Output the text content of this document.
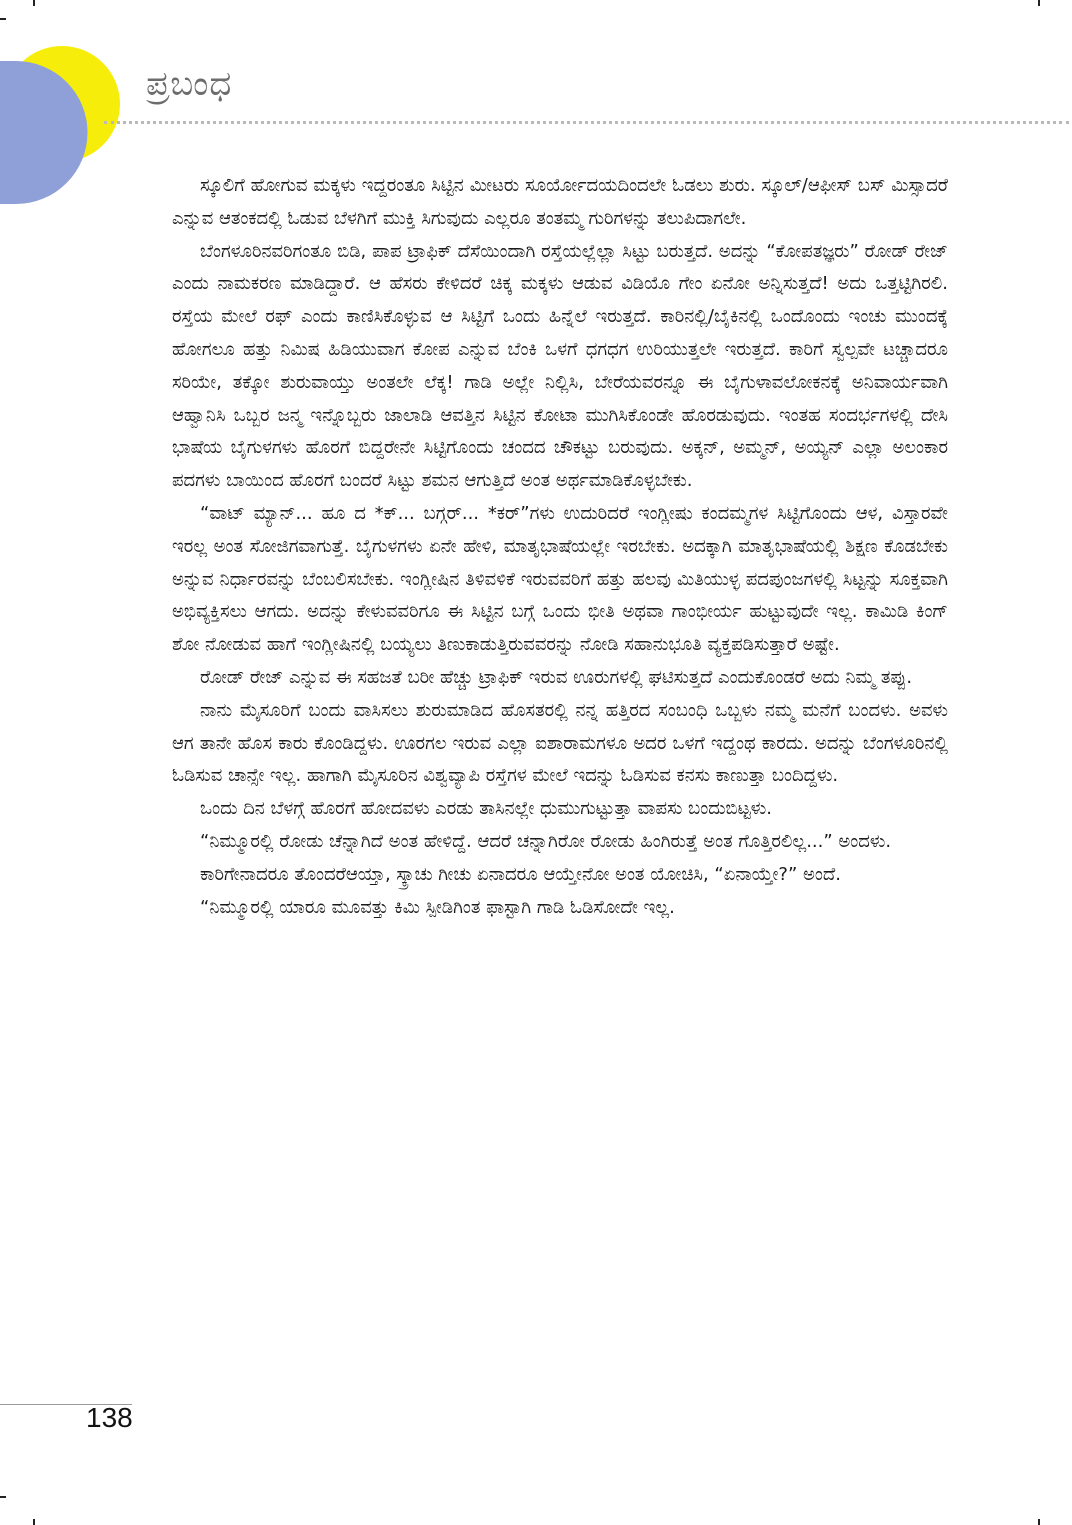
ಪ್ರಬಂಧ

ಸ್ಕೂಲಿಗೆ ಹೋಗುವ ಮಕ್ಕಳು ಇದ್ದರಂತೂ ಸಿಟ್ಟಿನ ಮೀಟರು ಸೂರ್ಯೋದಯದಿಂದಲೇ ಓಡಲು ಶುರು. ಸ್ಕೂಲ್/ಆಫೀಸ್ ಬಸ್ ಮಿಸ್ಸಾದರೆ ಎನ್ನುವ ಆತಂಕದಲ್ಲಿ ಓಡುವ ಬೆಳಗಿಗೆ ಮುಕ್ತಿ ಸಿಗುವುದು ಎಲ್ಲರೂ ತಂತಮ್ಮ ಗುರಿಗಳನ್ನು ತಲುಪಿದಾಗಲೇ.

ಬೆಂಗಳೂರಿನವರಿಗಂತೂ ಬಿಡಿ, ಪಾಪ ಟ್ರಾಫಿಕ್ ದೆಸೆಯಿಂದಾಗಿ ರಸ್ತೆಯಲ್ಲೆಲ್ಲಾ ಸಿಟ್ಟು ಬರುತ್ತದೆ. ಅದನ್ನು “ಕೋಪತಜ್ಞರು” ರೋಡ್ ರೇಜ್ ಎಂದು ನಾಮಕರಣ ಮಾಡಿದ್ದಾರೆ. ಆ ಹೆಸರು ಕೇಳಿದರೆ ಚಿಕ್ಕ ಮಕ್ಕಳು ಆಡುವ ವಿಡಿಯೊ ಗೇಂ ಏನೋ ಅನ್ನಿಸುತ್ತದೆ! ಅದು ಒತ್ತಟ್ಟಿಗಿರಲಿ. ರಸ್ತೆಯ ಮೇಲೆ ರಫ್ ಎಂದು ಕಾಣಿಸಿಕೊಳ್ಳುವ ಆ ಸಿಟ್ಟಿಗೆ ಒಂದು ಹಿನ್ನೆಲೆ ಇರುತ್ತದೆ. ಕಾರಿನಲ್ಲಿ/ಬೈಕಿನಲ್ಲಿ ಒಂದೊಂದು ಇಂಚು ಮುಂದಕ್ಕೆ ಹೋಗಲೂ ಹತ್ತು ನಿಮಿಷ ಹಿಡಿಯುವಾಗ ಕೋಪ ಎನ್ನುವ ಬೆಂಕಿ ಒಳಗೆ ಧಗಧಗ ಉರಿಯುತ್ತಲೇ ಇರುತ್ತದೆ. ಕಾರಿಗೆ ಸ್ವಲ್ಪವೇ ಟಚ್ಚಾದರೂ ಸರಿಯೇ, ತಕ್ಕೋ ಶುರುವಾಯ್ತು ಅಂತಲೇ ಲೆಕ್ಕ! ಗಾಡಿ ಅಲ್ಲೇ ನಿಲ್ಲಿಸಿ, ಬೇರೆಯವರನ್ನೂ ಈ ಬೈಗುಳಾವಲೋಕನಕ್ಕೆ ಅನಿವಾರ್ಯವಾಗಿ ಆಹ್ವಾನಿಸಿ ಒಬ್ಬರ ಜನ್ಮ ಇನ್ನೊಬ್ಬರು ಜಾಲಾಡಿ ಆವತ್ತಿನ ಸಿಟ್ಟಿನ ಕೋಟಾ ಮುಗಿಸಿಕೊಂಡೇ ಹೊರಡುವುದು. ಇಂತಹ ಸಂದರ್ಭಗಳಲ್ಲಿ ದೇಸಿ ಭಾಷೆಯ ಬೈಗುಳಗಳು ಹೊರಗೆ ಬಿದ್ದರೇನೇ ಸಿಟ್ಟಿಗೊಂದು ಚಂದದ ಚೌಕಟ್ಟು ಬರುವುದು. ಅಕ್ಕನ್, ಅಮ್ಮನ್, ಅಯ್ಯನ್ ಎಲ್ಲಾ ಅಲಂಕಾರ ಪದಗಳು ಬಾಯಿಂದ ಹೊರಗೆ ಬಂದರೆ ಸಿಟ್ಟು ಶಮನ ಆಗುತ್ತಿದೆ ಅಂತ ಅರ್ಥಮಾಡಿಕೊಳ್ಳಬೇಕು.

“ವಾಟ್ ಮ್ಯಾನ್... ಹೂ ದ *ಕ್... ಬಗ್ಗರ್... *ಕರ್”ಗಳು ಉದುರಿದರೆ ಇಂಗ್ಲೀಷು ಕಂದಮ್ಮಗಳ ಸಿಟ್ಟಿಗೊಂದು ಆಳ, ವಿಸ್ತಾರವೇ ಇರಲ್ಲ ಅಂತ ಸೋಜಿಗವಾಗುತ್ತೆ. ಬೈಗುಳಗಳು ಏನೇ ಹೇಳಿ, ಮಾತೃಭಾಷೆಯಲ್ಲೇ ಇರಬೇಕು. ಅದಕ್ಕಾಗಿ ಮಾತೃಭಾಷೆಯಲ್ಲಿ ಶಿಕ್ಷಣ ಕೊಡಬೇಕು ಅನ್ನುವ ನಿರ್ಧಾರವನ್ನು ಬೆಂಬಲಿಸಬೇಕು. ಇಂಗ್ಲೀಷಿನ ತಿಳಿವಳಿಕೆ ಇರುವವರಿಗೆ ಹತ್ತು ಹಲವು ಮಿತಿಯುಳ್ಳ ಪದಪುಂಜಗಳಲ್ಲಿ ಸಿಟ್ಟನ್ನು ಸೂಕ್ತವಾಗಿ ಅಭಿವ್ಯಕ್ತಿಸಲು ಆಗದು. ಅದನ್ನು ಕೇಳುವವರಿಗೂ ಈ ಸಿಟ್ಟಿನ ಬಗ್ಗೆ ಒಂದು ಭೀತಿ ಅಥವಾ ಗಾಂಭೀರ್ಯ ಹುಟ್ಟುವುದೇ ಇಲ್ಲ. ಕಾಮಿಡಿ ಕಿಂಗ್ ಶೋ ನೋಡುವ ಹಾಗೆ ಇಂಗ್ಲೀಷಿನಲ್ಲಿ ಬಯ್ಯಲು ತಿಣುಕಾಡುತ್ತಿರುವವರನ್ನು ನೋಡಿ ಸಹಾನುಭೂತಿ ವ್ಯಕ್ತಪಡಿಸುತ್ತಾರೆ ಅಷ್ಟೇ.

ರೋಡ್ ರೇಜ್ ಎನ್ನುವ ಈ ಸಹಜತೆ ಬರೀ ಹೆಚ್ಚು ಟ್ರಾಫಿಕ್ ಇರುವ ಊರುಗಳಲ್ಲಿ ಘಟಿಸುತ್ತದೆ ಎಂದುಕೊಂಡರೆ ಅದು ನಿಮ್ಮ ತಪ್ಪು.

ನಾನು ಮೈಸೂರಿಗೆ ಬಂದು ವಾಸಿಸಲು ಶುರುಮಾಡಿದ ಹೊಸತರಲ್ಲಿ ನನ್ನ ಹತ್ತಿರದ ಸಂಬಂಧಿ ಒಬ್ಬಳು ನಮ್ಮ ಮನೆಗೆ ಬಂದಳು. ಅವಳು ಆಗ ತಾನೇ ಹೊಸ ಕಾರು ಕೊಂಡಿದ್ದಳು. ಊರಗಲ ಇರುವ ಎಲ್ಲಾ ಐಶಾರಾಮಗಳೂ ಅದರ ಒಳಗೆ ಇದ್ದಂಥ ಕಾರದು. ಅದನ್ನು ಬೆಂಗಳೂರಿನಲ್ಲಿ ಓಡಿಸುವ ಚಾನ್ಸೇ ಇಲ್ಲ. ಹಾಗಾಗಿ ಮೈಸೂರಿನ ವಿಶ್ವವ್ಯಾಪಿ ರಸ್ತೆಗಳ ಮೇಲೆ ಇದನ್ನು ಓಡಿಸುವ ಕನಸು ಕಾಣುತ್ತಾ ಬಂದಿದ್ದಳು.

ಒಂದು ದಿನ ಬೆಳಗ್ಗೆ ಹೊರಗೆ ಹೋದವಳು ಎರಡು ತಾಸಿನಲ್ಲೇ ಧುಮುಗುಟ್ಟುತ್ತಾ ವಾಪಸು ಬಂದುಬಿಟ್ಟಳು.

“ನಿಮ್ಮೂರಲ್ಲಿ ರೋಡು ಚೆನ್ನಾಗಿದೆ ಅಂತ ಹೇಳಿದ್ದೆ. ಆದರೆ ಚನ್ನಾಗಿರೋ ರೋಡು ಹಿಂಗಿರುತ್ತೆ ಅಂತ ಗೊತ್ತಿರಲಿಲ್ಲ...” ಅಂದಳು.

ಕಾರಿಗೇನಾದರೂ ತೊಂದರೆಆಯ್ತಾ, ಸ್ಕ್ರಾಚು ಗೀಚು ಏನಾದರೂ ಆಯ್ತೇನೋ ಅಂತ ಯೋಚಿಸಿ, “ಏನಾಯ್ತೇ?” ಅಂದೆ.

“ನಿಮ್ಮೂರಲ್ಲಿ ಯಾರೂ ಮೂವತ್ತು ಕಿಮಿ ಸ್ಪೀಡಿಗಿಂತ ಫಾಸ್ಟಾಗಿ ಗಾಡಿ ಓಡಿಸೋದೇ ಇಲ್ಲ.

138
